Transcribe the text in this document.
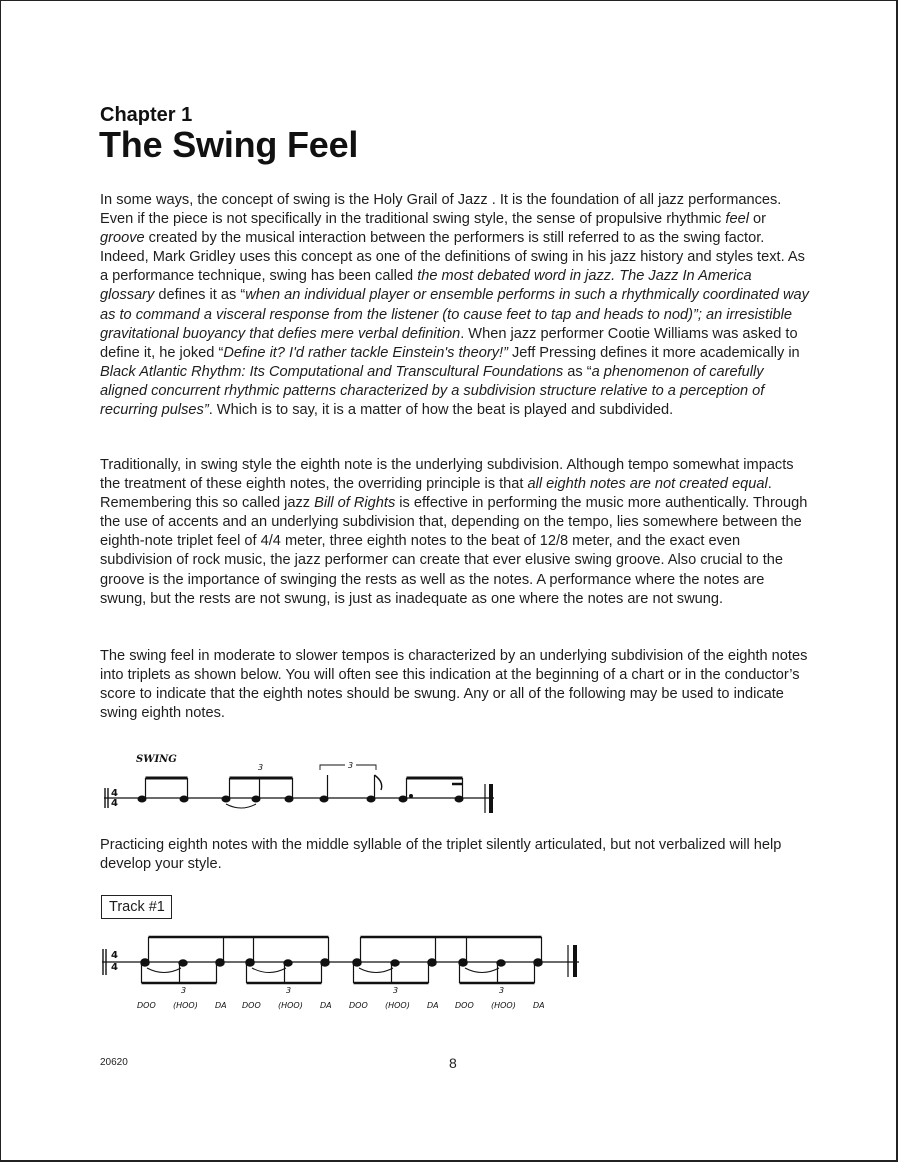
Chapter 1
The Swing Feel

In some ways, the concept of swing is the Holy Grail of Jazz . It is the foundation of all jazz performances. Even if the piece is not specifically in the traditional swing style, the sense of propulsive rhythmic feel or groove created by the musical interaction between the performers is still referred to as the swing factor. Indeed, Mark Gridley uses this concept as one of the definitions of swing in his jazz history and styles text. As a performance technique, swing has been called the most debated word in jazz. The Jazz In America glossary defines it as “when an individual player or ensemble performs in such a rhythmically coordinated way as to command a visceral response from the listener (to cause feet to tap and heads to nod)”; an irresistible gravitational buoyancy that defies mere verbal definition. When jazz performer Cootie Williams was asked to define it, he joked “Define it? I'd rather tackle Einstein's theory!” Jeff Pressing defines it more academically in Black Atlantic Rhythm: Its Computational and Transcultural Foundations as “a phenomenon of carefully aligned concurrent rhythmic patterns characterized by a subdivision structure relative to a perception of recurring pulses”. Which is to say, it is a matter of how the beat is played and subdivided.

Traditionally, in swing style the eighth note is the underlying subdivision. Although tempo somewhat impacts the treatment of these eighth notes, the overriding principle is that all eighth notes are not created equal. Remembering this so called jazz Bill of Rights is effective in performing the music more authentically. Through the use of accents and an underlying subdivision that, depending on the tempo, lies somewhere between the eighth-note triplet feel of 4/4 meter, three eighth notes to the beat of 12/8 meter, and the exact even subdivision of rock music, the jazz performer can create that ever elusive swing groove. Also crucial to the groove is the importance of swinging the rests as well as the notes. A performance where the notes are swung, but the rests are not swung, is just as inadequate as one where the notes are not swung.

The swing feel in moderate to slower tempos is characterized by an underlying subdivision of the eighth notes into triplets as shown below. You will often see this indication at the beginning of a chart or in the conductor’s score to indicate that the eighth notes should be swung. Any or all of the following may be used to indicate swing eighth notes.

SWING
4
4
3	3

Practicing eighth notes with the middle syllable of the triplet silently articulated, but not verbalized will help develop your style.

Track #1
4
4
3	3	3	3
DOO (HOO) DA DOO (HOO) DA DOO (HOO) DA DOO (HOO) DA
20620	8
